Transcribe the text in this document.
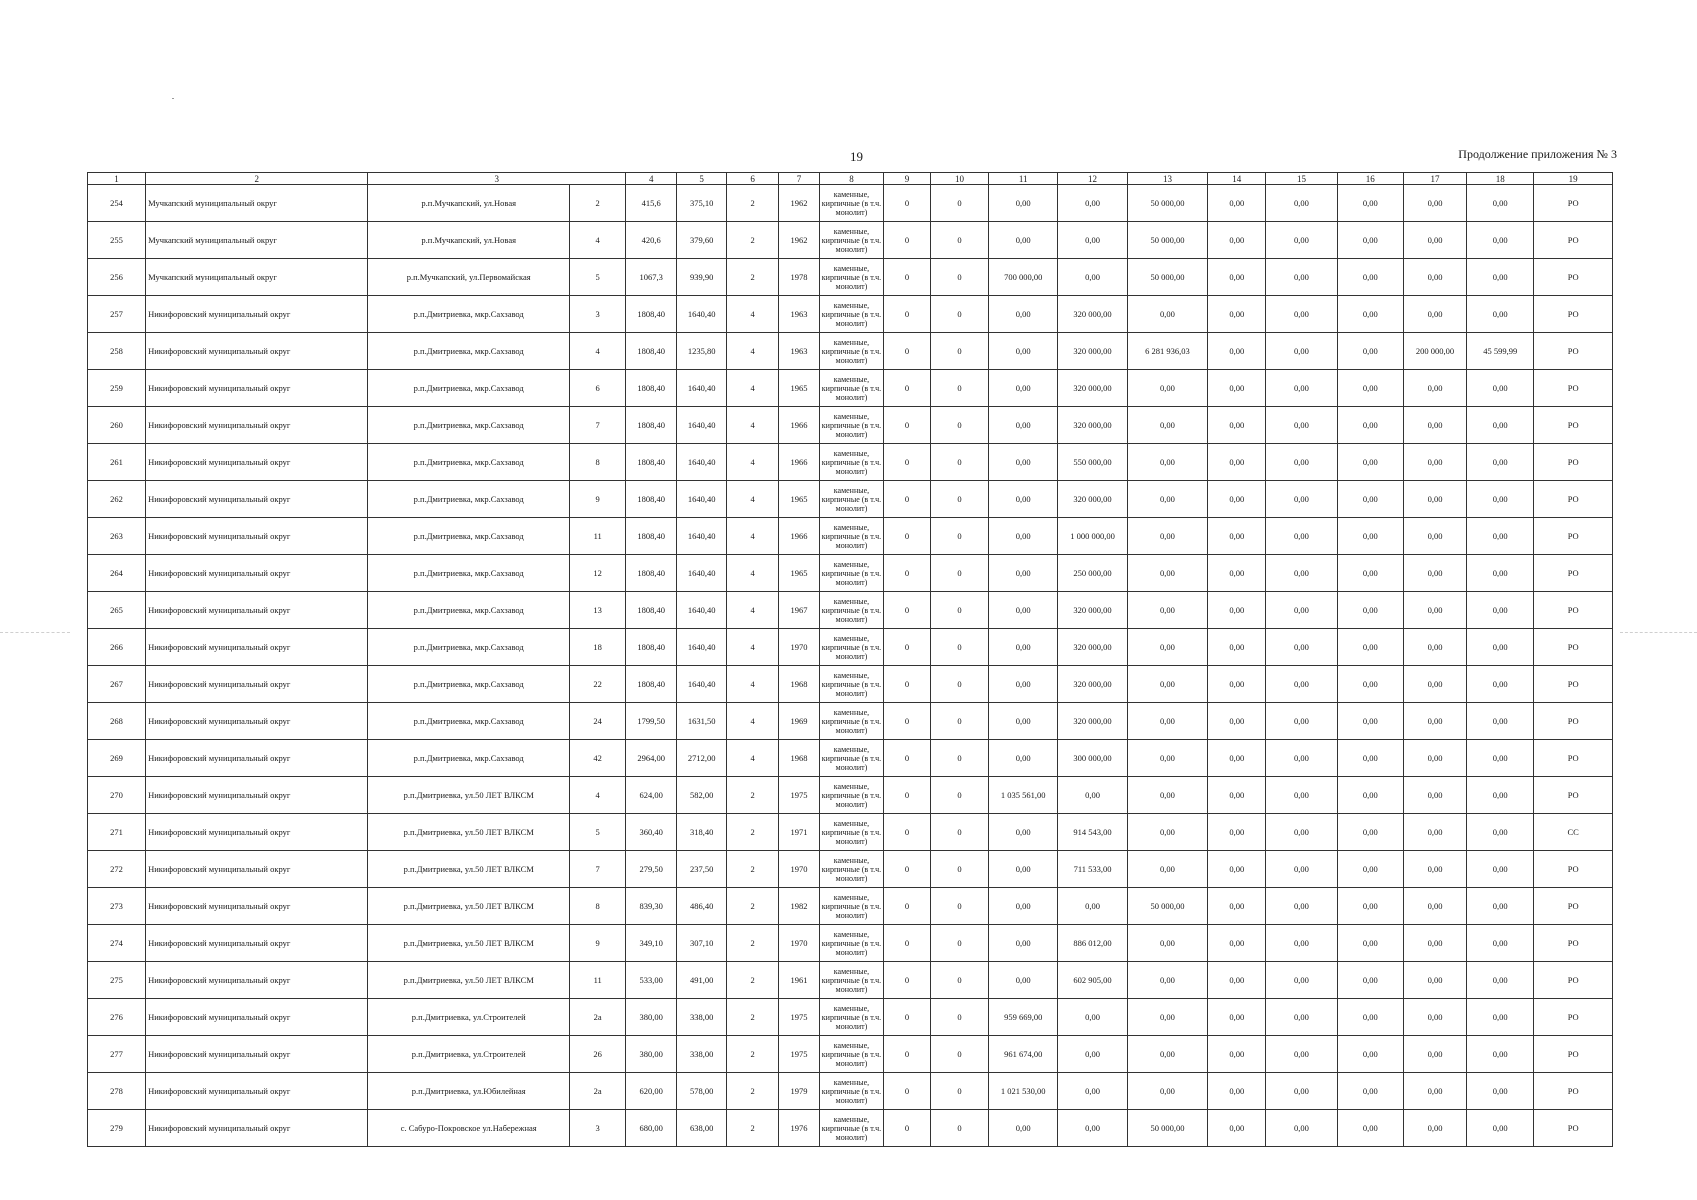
19	Продолжение приложения № 3
1	2	3		4	5	6	7	8	9	10	11	12	13	14	15	16	17	18	19
254	Мучкапский муниципальный округ	р.п.Мучкапский, ул.Новая	2	415,6	375,10	2	1962	каменные, кирпичные (в т.ч. монолит)	0	0	0,00	0,00	50 000,00	0,00	0,00	0,00	0,00	0,00	РО
255	Мучкапский муниципальный округ	р.п.Мучкапский, ул.Новая	4	420,6	379,60	2	1962	каменные, кирпичные (в т.ч. монолит)	0	0	0,00	0,00	50 000,00	0,00	0,00	0,00	0,00	0,00	РО
256	Мучкапский муниципальный округ	р.п.Мучкапский, ул.Первомайская	5	1067,3	939,90	2	1978	каменные, кирпичные (в т.ч. монолит)	0	0	700 000,00	0,00	50 000,00	0,00	0,00	0,00	0,00	0,00	РО
257	Никифоровский муниципальный округ	р.п.Дмитриевка, мкр.Сахзавод	3	1808,40	1640,40	4	1963	каменные, кирпичные (в т.ч. монолит)	0	0	0,00	320 000,00	0,00	0,00	0,00	0,00	0,00	0,00	РО
258	Никифоровский муниципальный округ	р.п.Дмитриевка, мкр.Сахзавод	4	1808,40	1235,80	4	1963	каменные, кирпичные (в т.ч. монолит)	0	0	0,00	320 000,00	6 281 936,03	0,00	0,00	0,00	200 000,00	45 599,99	РО
259	Никифоровский муниципальный округ	р.п.Дмитриевка, мкр.Сахзавод	6	1808,40	1640,40	4	1965	каменные, кирпичные (в т.ч. монолит)	0	0	0,00	320 000,00	0,00	0,00	0,00	0,00	0,00	0,00	РО
260	Никифоровский муниципальный округ	р.п.Дмитриевка, мкр.Сахзавод	7	1808,40	1640,40	4	1966	каменные, кирпичные (в т.ч. монолит)	0	0	0,00	320 000,00	0,00	0,00	0,00	0,00	0,00	0,00	РО
261	Никифоровский муниципальный округ	р.п.Дмитриевка, мкр.Сахзавод	8	1808,40	1640,40	4	1966	каменные, кирпичные (в т.ч. монолит)	0	0	0,00	550 000,00	0,00	0,00	0,00	0,00	0,00	0,00	РО
262	Никифоровский муниципальный округ	р.п.Дмитриевка, мкр.Сахзавод	9	1808,40	1640,40	4	1965	каменные, кирпичные (в т.ч. монолит)	0	0	0,00	320 000,00	0,00	0,00	0,00	0,00	0,00	0,00	РО
263	Никифоровский муниципальный округ	р.п.Дмитриевка, мкр.Сахзавод	11	1808,40	1640,40	4	1966	каменные, кирпичные (в т.ч. монолит)	0	0	0,00	1 000 000,00	0,00	0,00	0,00	0,00	0,00	0,00	РО
264	Никифоровский муниципальный округ	р.п.Дмитриевка, мкр.Сахзавод	12	1808,40	1640,40	4	1965	каменные, кирпичные (в т.ч. монолит)	0	0	0,00	250 000,00	0,00	0,00	0,00	0,00	0,00	0,00	РО
265	Никифоровский муниципальный округ	р.п.Дмитриевка, мкр.Сахзавод	13	1808,40	1640,40	4	1967	каменные, кирпичные (в т.ч. монолит)	0	0	0,00	320 000,00	0,00	0,00	0,00	0,00	0,00	0,00	РО
266	Никифоровский муниципальный округ	р.п.Дмитриевка, мкр.Сахзавод	18	1808,40	1640,40	4	1970	каменные, кирпичные (в т.ч. монолит)	0	0	0,00	320 000,00	0,00	0,00	0,00	0,00	0,00	0,00	РО
267	Никифоровский муниципальный округ	р.п.Дмитриевка, мкр.Сахзавод	22	1808,40	1640,40	4	1968	каменные, кирпичные (в т.ч. монолит)	0	0	0,00	320 000,00	0,00	0,00	0,00	0,00	0,00	0,00	РО
268	Никифоровский муниципальный округ	р.п.Дмитриевка, мкр.Сахзавод	24	1799,50	1631,50	4	1969	каменные, кирпичные (в т.ч. монолит)	0	0	0,00	320 000,00	0,00	0,00	0,00	0,00	0,00	0,00	РО
269	Никифоровский муниципальный округ	р.п.Дмитриевка, мкр.Сахзавод	42	2964,00	2712,00	4	1968	каменные, кирпичные (в т.ч. монолит)	0	0	0,00	300 000,00	0,00	0,00	0,00	0,00	0,00	0,00	РО
270	Никифоровский муниципальный округ	р.п.Дмитриевка, ул.50 ЛЕТ ВЛКСМ	4	624,00	582,00	2	1975	каменные, кирпичные (в т.ч. монолит)	0	0	1 035 561,00	0,00	0,00	0,00	0,00	0,00	0,00	0,00	РО
271	Никифоровский муниципальный округ	р.п.Дмитриевка, ул.50 ЛЕТ ВЛКСМ	5	360,40	318,40	2	1971	каменные, кирпичные (в т.ч. монолит)	0	0	0,00	914 543,00	0,00	0,00	0,00	0,00	0,00	0,00	СС
272	Никифоровский муниципальный округ	р.п.Дмитриевка, ул.50 ЛЕТ ВЛКСМ	7	279,50	237,50	2	1970	каменные, кирпичные (в т.ч. монолит)	0	0	0,00	711 533,00	0,00	0,00	0,00	0,00	0,00	0,00	РО
273	Никифоровский муниципальный округ	р.п.Дмитриевка, ул.50 ЛЕТ ВЛКСМ	8	839,30	486,40	2	1982	каменные, кирпичные (в т.ч. монолит)	0	0	0,00	0,00	50 000,00	0,00	0,00	0,00	0,00	0,00	РО
274	Никифоровский муниципальный округ	р.п.Дмитриевка, ул.50 ЛЕТ ВЛКСМ	9	349,10	307,10	2	1970	каменные, кирпичные (в т.ч. монолит)	0	0	0,00	886 012,00	0,00	0,00	0,00	0,00	0,00	0,00	РО
275	Никифоровский муниципальный округ	р.п.Дмитриевка, ул.50 ЛЕТ ВЛКСМ	11	533,00	491,00	2	1961	каменные, кирпичные (в т.ч. монолит)	0	0	0,00	602 905,00	0,00	0,00	0,00	0,00	0,00	0,00	РО
276	Никифоровский муниципальный округ	р.п.Дмитриевка, ул.Строителей	2а	380,00	338,00	2	1975	каменные, кирпичные (в т.ч. монолит)	0	0	959 669,00	0,00	0,00	0,00	0,00	0,00	0,00	0,00	РО
277	Никифоровский муниципальный округ	р.п.Дмитриевка, ул.Строителей	26	380,00	338,00	2	1975	каменные, кирпичные (в т.ч. монолит)	0	0	961 674,00	0,00	0,00	0,00	0,00	0,00	0,00	0,00	РО
278	Никифоровский муниципальный округ	р.п.Дмитриевка, ул.Юбилейная	2а	620,00	578,00	2	1979	каменные, кирпичные (в т.ч. монолит)	0	0	1 021 530,00	0,00	0,00	0,00	0,00	0,00	0,00	0,00	РО
279	Никифоровский муниципальный округ	с. Сабуро-Покровское ул.Набережная	3	680,00	638,00	2	1976	каменные, кирпичные (в т.ч. монолит)	0	0	0,00	0,00	50 000,00	0,00	0,00	0,00	0,00	0,00	РО
